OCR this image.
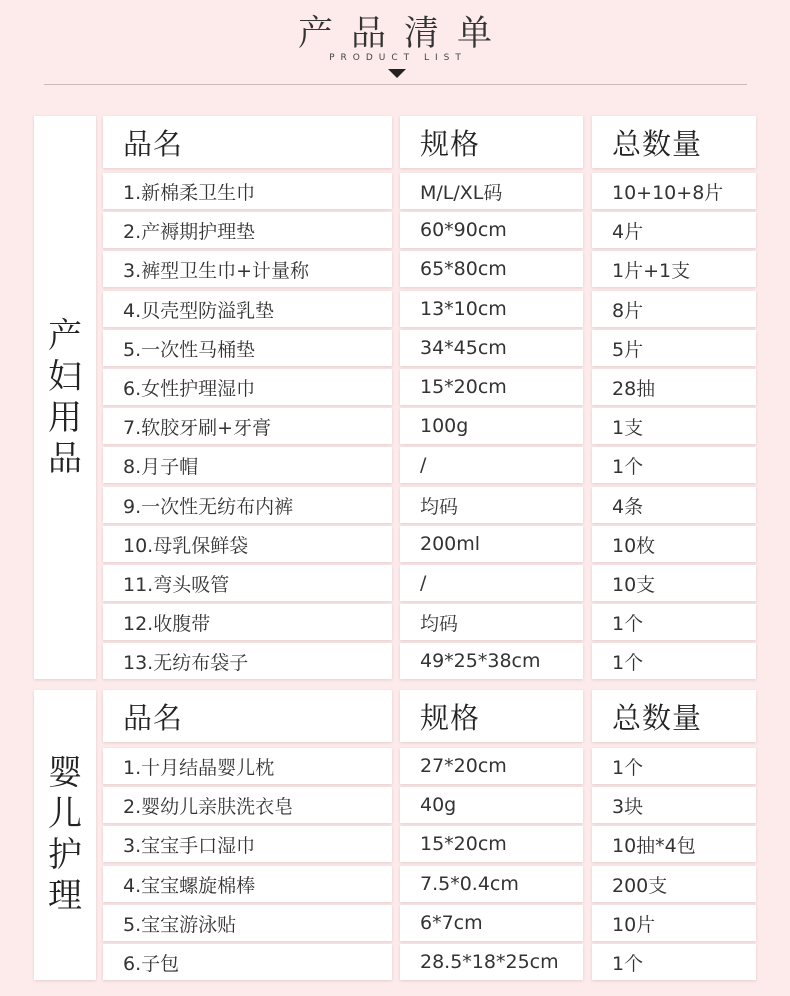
产品清单
PRODUCT LIST
产妇用品
品名	规格	总数量
1.新棉柔卫生巾	M/L/XL码	10+10+8片
2.产褥期护理垫	60*90cm	4片
3.裤型卫生巾+计量称	65*80cm	1片+1支
4.贝壳型防溢乳垫	13*10cm	8片
5.一次性马桶垫	34*45cm	5片
6.女性护理湿巾	15*20cm	28抽
7.软胶牙刷+牙膏	100g	1支
8.月子帽	/	1个
9.一次性无纺布内裤	均码	4条
10.母乳保鲜袋	200ml	10枚
11.弯头吸管	/	10支
12.收腹带	均码	1个
13.无纺布袋子	49*25*38cm	1个
婴儿护理
品名	规格	总数量
1.十月结晶婴儿枕	27*20cm	1个
2.婴幼儿亲肤洗衣皂	40g	3块
3.宝宝手口湿巾	15*20cm	10抽*4包
4.宝宝螺旋棉棒	7.5*0.4cm	200支
5.宝宝游泳贴	6*7cm	10片
6.子包	28.5*18*25cm	1个
